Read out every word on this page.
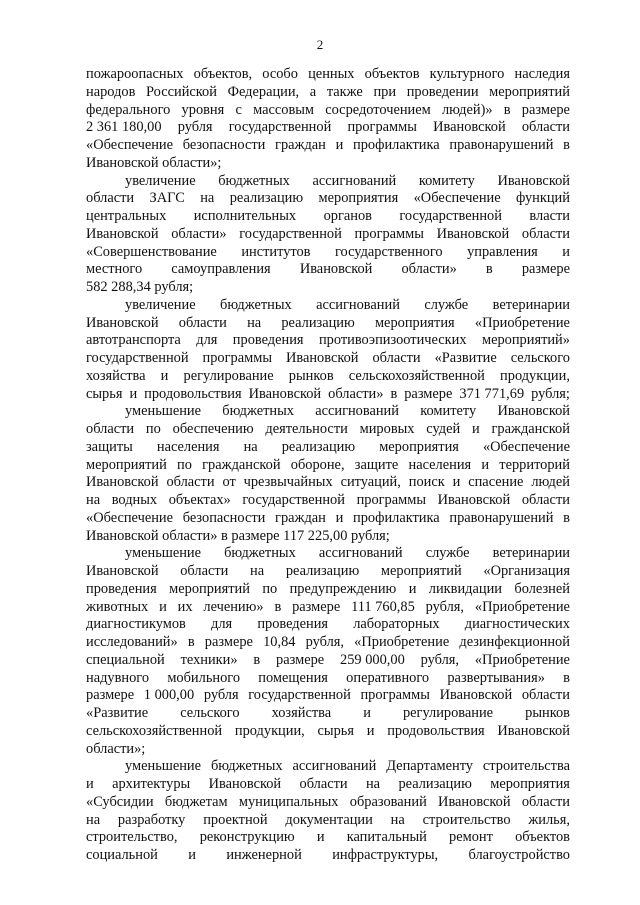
2
пожароопасных объектов, особо ценных объектов культурного наследия
народов Российской Федерации, а также при проведении мероприятий
федерального уровня с массовым сосредоточением людей)» в размере
2 361 180,00 рубля государственной программы Ивановской области
«Обеспечение безопасности граждан и профилактика правонарушений в
Ивановской области»;
увеличение бюджетных ассигнований комитету Ивановской
области ЗАГС на реализацию мероприятия «Обеспечение функций
центральных исполнительных органов государственной власти
Ивановской области» государственной программы Ивановской области
«Совершенствование институтов государственного управления и
местного самоуправления Ивановской области» в размере
582 288,34 рубля;
увеличение бюджетных ассигнований службе ветеринарии
Ивановской области на реализацию мероприятия «Приобретение
автотранспорта для проведения противоэпизоотических мероприятий»
государственной программы Ивановской области «Развитие сельского
хозяйства и регулирование рынков сельскохозяйственной продукции,
сырья и продовольствия Ивановской области» в размере 371 771,69 рубля;
уменьшение бюджетных ассигнований комитету Ивановской
области по обеспечению деятельности мировых судей и гражданской
защиты населения на реализацию мероприятия «Обеспечение
мероприятий по гражданской обороне, защите населения и территорий
Ивановской области от чрезвычайных ситуаций, поиск и спасение людей
на водных объектах» государственной программы Ивановской области
«Обеспечение безопасности граждан и профилактика правонарушений в
Ивановской области» в размере 117 225,00 рубля;
уменьшение бюджетных ассигнований службе ветеринарии
Ивановской области на реализацию мероприятий «Организация
проведения мероприятий по предупреждению и ликвидации болезней
животных и их лечению» в размере 111 760,85 рубля, «Приобретение
диагностикумов для проведения лабораторных диагностических
исследований» в размере 10,84 рубля, «Приобретение дезинфекционной
специальной техники» в размере 259 000,00 рубля, «Приобретение
надувного мобильного помещения оперативного развертывания» в
размере 1 000,00 рубля государственной программы Ивановской области
«Развитие сельского хозяйства и регулирование рынков
сельскохозяйственной продукции, сырья и продовольствия Ивановской
области»;
уменьшение бюджетных ассигнований Департаменту строительства
и архитектуры Ивановской области на реализацию мероприятия
«Субсидии бюджетам муниципальных образований Ивановской области
на разработку проектной документации на строительство жилья,
строительство, реконструкцию и капитальный ремонт объектов
социальной и инженерной инфраструктуры, благоустройство
